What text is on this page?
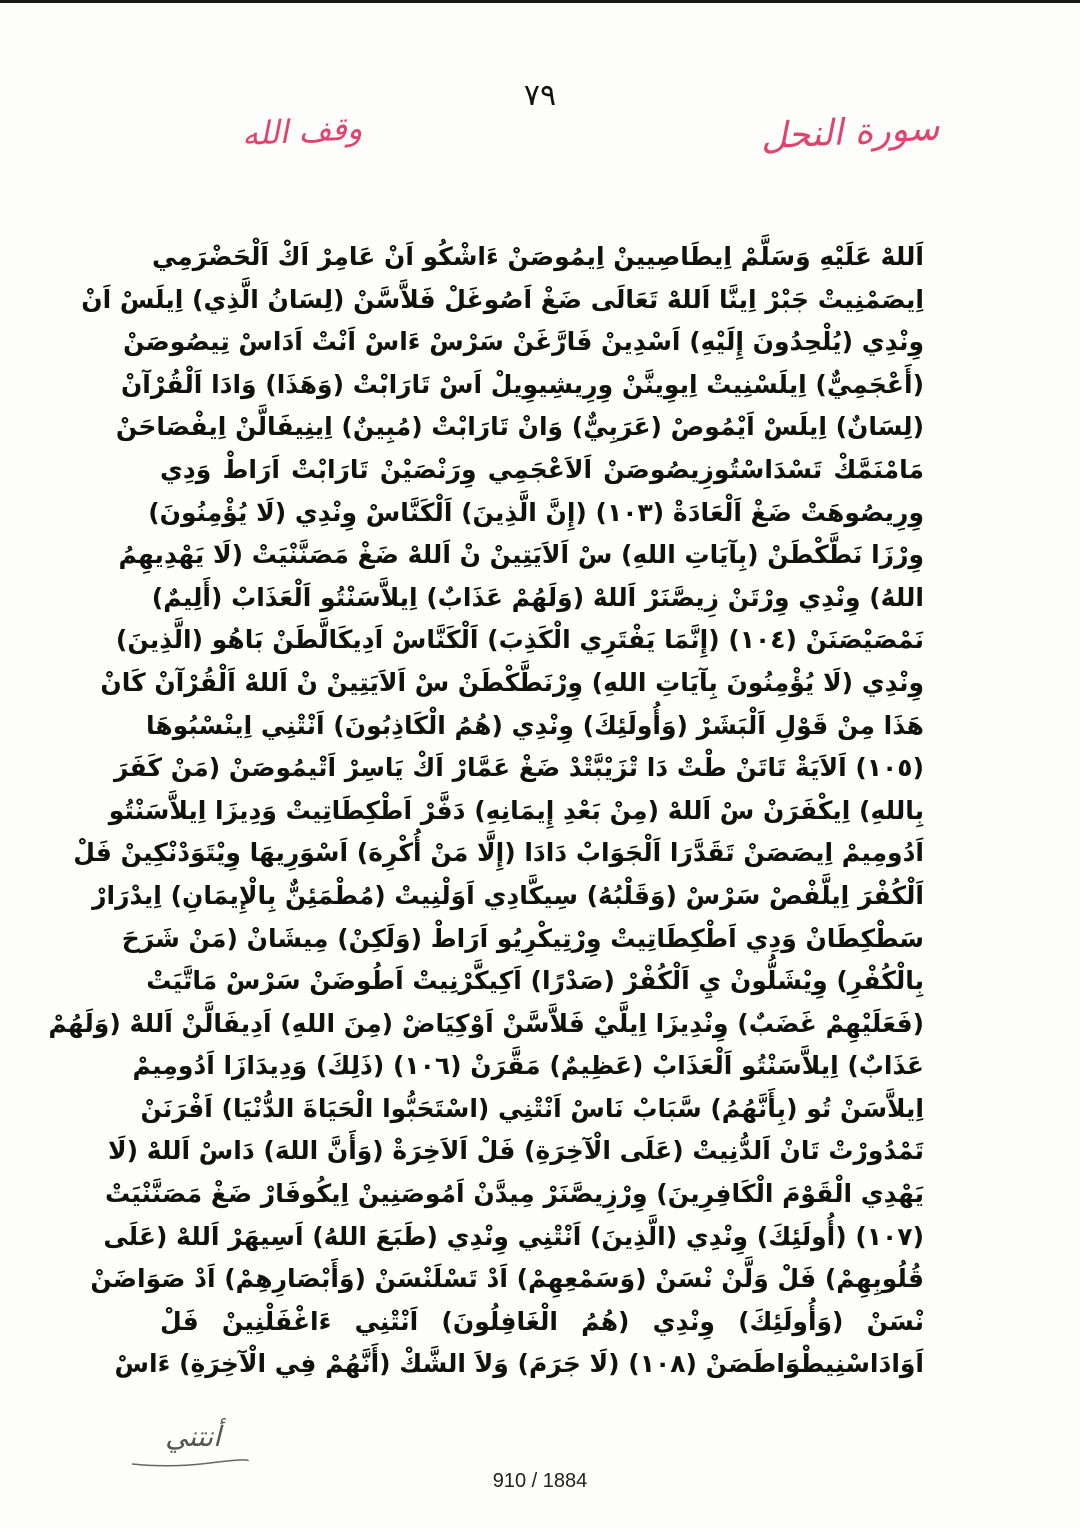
٧٩
سورة النحل
وقف الله
اَللهْ عَلَيْهِ وَسَلَّمْ اِيطَاصِيينْ اِيمُوصَنْ ءَاشْكُو اَنْ عَامِرْ اَكْ اَلْحَضْرَمِي
اِيصَمْنِيتْ جَبْرْ اِينَّا اَللهْ تَعَالَى ضَغْ اَصُوغَلْ فَلاَّسَّنْ (لِسَانُ الَّذِي) اِيلَسْ اَنْ
وِنْدِي (يُلْحِدُونَ إِلَيْهِ) اَسْدِينْ فَارَّغَنْ سَرْسْ ءَاسْ اَنْتْ اَدَاسْ تِيصُوصَنْ
(أَعْجَمِيٌّ) اِيلَسْنِيتْ اِيوِينَّنْ وِرِيشِيوِيلْ اَسْ تَارَابْتْ (وَهَذَا) وَادَا اَلْقُرْآنْ
(لِسَانٌ) اِيلَسْ اَيْمُوصْ (عَرَبِيٌّ) وَانْ تَارَابْتْ (مُبِينٌ) اِينِيفَالَّنْ اِيفْصَاحَنْ
مَامْنَمَّكْ تَسْدَاسْتُوزِيصُوصَنْ اَلاَعْجَمِي وِرَنْصَيْنْ تَارَابْتْ اَرَاطْ وَدِي
وِرِيصُوهَتْ ضَغْ اَلْعَادَةْ (١٠٣) (إِنَّ الَّذِينَ) اَلْكَنَّاسْ وِنْدِي (لَا يُؤْمِنُونَ)
وِرْزَا نَطَّكْطَنْ (بِآيَاتِ اللهِ) سْ اَلاَيَتِينْ نْ اَللهْ ضَغْ مَصَنَّنْيَتْ (لَا يَهْدِيهِمُ
اللهُ) وِنْدِي وِرْتَنْ زِيصَّنَرْ اَللهْ (وَلَهُمْ عَذَابٌ) اِيلاَّسَنْتُو اَلْعَذَابْ (أَلِيمٌ)
نَمْصَيْصَنَنْ (١٠٤) (إِنَّمَا يَفْتَرِي الْكَذِبَ) اَلْكَنَّاسْ اَدِيكَالَّطَنْ بَاهُو (الَّذِينَ)
وِنْدِي (لَا يُؤْمِنُونَ بِآيَاتِ اللهِ) وِرْنَطَّكْطَنْ سْ اَلاَيَتِينْ نْ اَللهْ اَلْقُرْآنْ كَانْ
هَذَا مِنْ قَوْلِ اَلْبَشَرْ (وَأُولَئِكَ) وِنْدِي (هُمُ الْكَاذِبُونَ) اَنْتْنِي اِينْسْبُوهَا
(١٠٥) اَلاَيَةْ تَاتَنْ طْتْ دَا تْزَيْبَّتْدْ ضَغْ عَمَّارْ اَكْ يَاسِرْ اَتْيمُوصَنْ (مَنْ كَفَرَ
بِاللهِ) اِيكْفَرَنْ سْ اَللهْ (مِنْ بَعْدِ إِيمَانِهِ) دَفَّرْ اَطْكِطَاتِيتْ وَدِيزَا اِيلاَّسَنْتُو
اَدُومِيمْ اِيصَصَنْ تَقَدَّرَا اَلْجَوَابْ دَادَا (إِلَّا مَنْ أُكْرِهَ) اَسْوَرِيهَا وِيْتَوَدْنْكِينْ فَلْ
اَلْكُفْرَ اِيلَّفْصْ سَرْسْ (وَقَلْبُهُ) سِيكَّادِي اَوَلْنِيتْ (مُطْمَئِنٌّ بِالْإِيمَانِ) اِيدْرَارْ
سَطْكِطَانْ وَدِي اَطْكِطَاتِيتْ وِرْتِيكْرِيُو اَرَاطْ (وَلَكِنْ) مِيشَانْ (مَنْ شَرَحَ
بِالْكُفْرِ) وِيْشَلُّونْ يِ اَلْكُفْرْ (صَدْرًا) اَكِيكَّرْنِيتْ اَطُوضَنْ سَرْسْ مَاتَّيَتْ
(فَعَلَيْهِمْ غَضَبٌ) وِنْدِيزَا اِيلَّيْ فَلاَّسَّنْ اَوْكِيَاضْ (مِنَ اللهِ) اَدِيفَالَّنْ اَللهْ (وَلَهُمْ
عَذَابٌ) اِيلاَّسَنْتُو اَلْعَذَابْ (عَظِيمٌ) مَقَّرَنْ (١٠٦) (ذَلِكَ) وَدِيدَازَا اَدُومِيمْ
اِيلاَّسَنْ تُو (بِأَنَّهُمُ) سَّبَابْ نَاسْ اَنْتْنِي (اسْتَحَبُّوا الْحَيَاةَ الدُّنْيَا) اَفْرَنَنْ
تَمْدُورْتْ تَانْ اَلدُّنِيتْ (عَلَى الْآخِرَةِ) فَلْ اَلاَخِرَةْ (وَأَنَّ اللهَ) دَاسْ اَللهْ (لَا
يَهْدِي الْقَوْمَ الْكَافِرِينَ) وِرْزِيصَّنَرْ مِيدَّنْ اَمُوصَنِينْ اِيكُوفَارْ ضَغْ مَصَنَّنْيَتْ
(١٠٧) (أُولَئِكَ) وِنْدِي (الَّذِينَ) اَنْتْنِي وِنْدِي (طَبَعَ اللهُ) اَسِيهَرْ اَللهْ (عَلَى
قُلُوبِهِمْ) فَلْ وَلَّنْ نْسَنْ (وَسَمْعِهِمْ) اَدْ تَسْلَنْسَنْ (وَأَبْصَارِهِمْ) اَدْ صَوَاضَنْ
نْسَنْ (وَأُولَئِكَ) وِنْدِي (هُمُ الْغَافِلُونَ) اَنْتْنِي ءَاغْفَلْنِينْ فَلْ
اَوَادَاسْنِيطْوَاطَصَنْ (١٠٨) (لَا جَرَمَ) وَلاَ الشَّكْ (أَنَّهُمْ فِي الْآخِرَةِ) ءَاسْ
أنتني
910 / 1884
